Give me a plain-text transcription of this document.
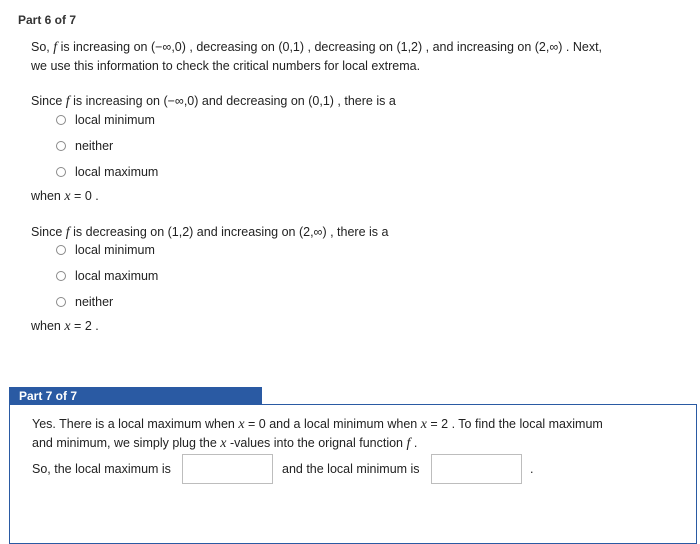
Part 6 of 7
So, f is increasing on (−∞,0) , decreasing on (0,1) , decreasing on (1,2) , and increasing on (2,∞) . Next,
we use this information to check the critical numbers for local extrema.
Since f is increasing on (−∞,0) and decreasing on (0,1) , there is a
local minimum
neither
local maximum
when x = 0 .
Since f is decreasing on (1,2) and increasing on (2,∞) , there is a
local minimum
local maximum
neither
when x = 2 .
Part 7 of 7
Yes. There is a local maximum when x = 0 and a local minimum when x = 2 . To find the local maximum
and minimum, we simply plug the x -values into the orignal function f .
So, the local maximum is	and the local minimum is	.
